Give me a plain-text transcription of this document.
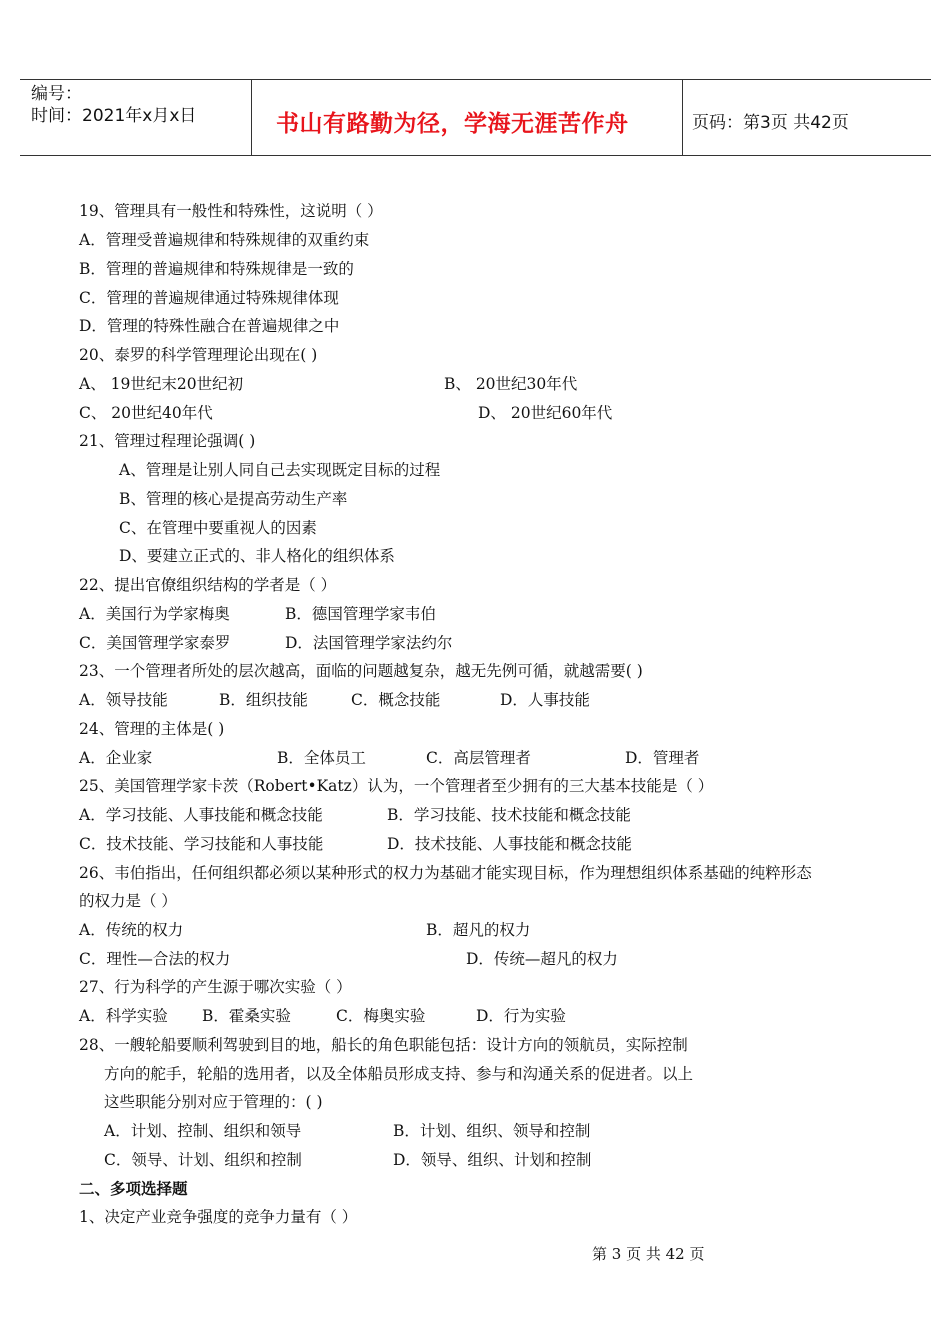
编号：
时间：2021年x月x日	书山有路勤为径，学海无涯苦作舟	页码：第3页 共42页
19、管理具有一般性和特殊性，这说明（ ）
A．管理受普遍规律和特殊规律的双重约束
B．管理的普遍规律和特殊规律是一致的
C．管理的普遍规律通过特殊规律体现
D．管理的特殊性融合在普遍规律之中
20、泰罗的科学管理理论出现在( )
A、 19世纪末20世纪初	B、 20世纪30年代
C、 20世纪40年代	D、 20世纪60年代
21、管理过程理论强调( )
A、管理是让别人同自己去实现既定目标的过程
B、管理的核心是提高劳动生产率
C、在管理中要重视人的因素
D、要建立正式的、非人格化的组织体系
22、提出官僚组织结构的学者是（ ）
A．美国行为学家梅奥	B．德国管理学家韦伯
C．美国管理学家泰罗	D．法国管理学家法约尔
23、一个管理者所处的层次越高，面临的问题越复杂，越无先例可循，就越需要( )
A．领导技能	B．组织技能	C．概念技能	D．人事技能
24、管理的主体是( )
A．企业家	B．全体员工	C．高层管理者	D．管理者
25、美国管理学家卡茨（Robert•Katz）认为，一个管理者至少拥有的三大基本技能是（ ）
A．学习技能、人事技能和概念技能	B．学习技能、技术技能和概念技能
C．技术技能、学习技能和人事技能	D．技术技能、人事技能和概念技能
26、韦伯指出，任何组织都必须以某种形式的权力为基础才能实现目标，作为理想组织体系基础的纯粹形态
的权力是（ ）
A．传统的权力	B．超凡的权力
C．理性—合法的权力	D．传统—超凡的权力
27、行为科学的产生源于哪次实验（ ）
A．科学实验 B．霍桑实验	C．梅奥实验	D．行为实验
28、一艘轮船要顺利驾驶到目的地，船长的角色职能包括：设计方向的领航员，实际控制
方向的舵手，轮船的选用者，以及全体船员形成支持、参与和沟通关系的促进者。以上
这些职能分别对应于管理的：( )
A．计划、控制、组织和领导	B．计划、组织、领导和控制
C．领导、计划、组织和控制	D．领导、组织、计划和控制
二、多项选择题
1、决定产业竞争强度的竞争力量有（ ）
第 3 页 共 42 页
